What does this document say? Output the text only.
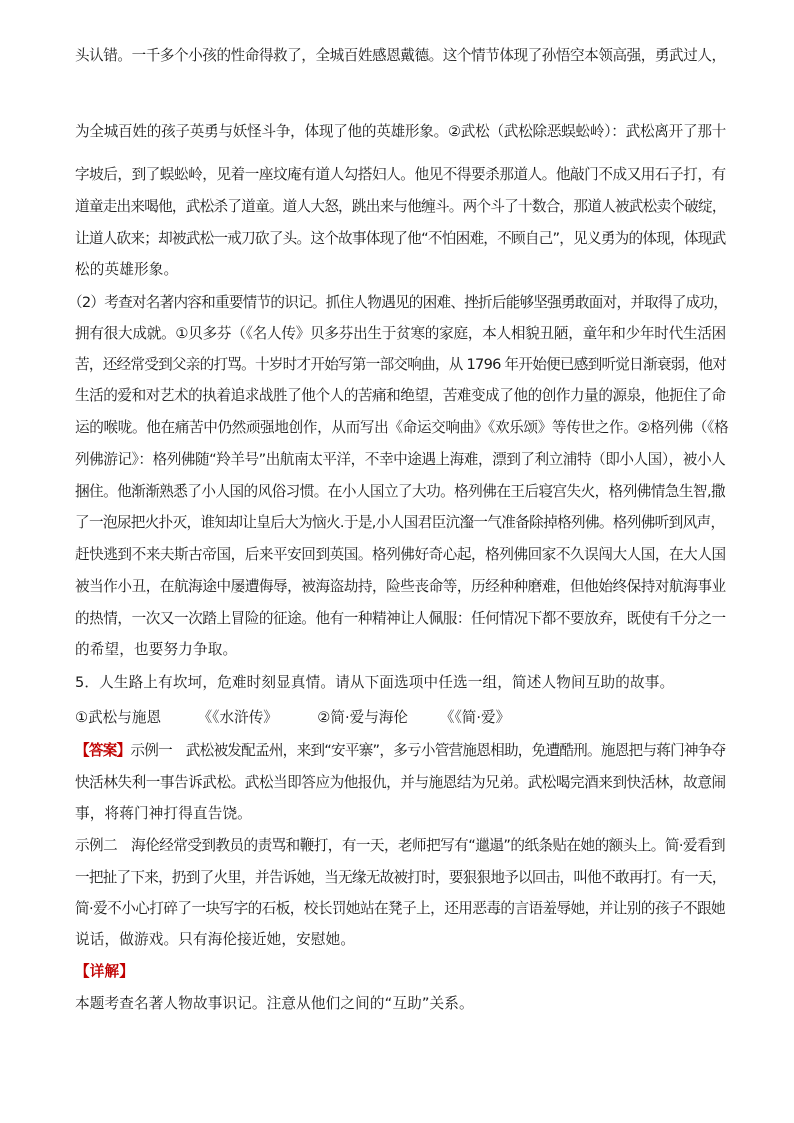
头认错。一千多个小孩的性命得救了，全城百姓感恩戴德。这个情节体现了孙悟空本领高强，勇武过人，
为全城百姓的孩子英勇与妖怪斗争，体现了他的英雄形象。②武松（武松除恶蜈蚣岭）：武松离开了那十
字坡后，到了蜈蚣岭，见着一座坟庵有道人勾搭妇人。他见不得要杀那道人。他敲门不成又用石子打，有
道童走出来喝他，武松杀了道童。道人大怒，跳出来与他缠斗。两个斗了十数合，那道人被武松卖个破绽，
让道人砍来；却被武松一戒刀砍了头。这个故事体现了他“不怕困难，不顾自己”，见义勇为的体现，体现武
松的英雄形象。
（2）考查对名著内容和重要情节的识记。抓住人物遇见的困难、挫折后能够坚强勇敢面对，并取得了成功，
拥有很大成就。①贝多芬（《名人传》贝多芬出生于贫寒的家庭，本人相貌丑陋，童年和少年时代生活困
苦，还经常受到父亲的打骂。十岁时才开始写第一部交响曲，从 1796 年开始便已感到听觉日渐衰弱，他对
生活的爱和对艺术的执着追求战胜了他个人的苦痛和绝望，苦难变成了他的创作力量的源泉，他扼住了命
运的喉咙。他在痛苦中仍然顽强地创作，从而写出《命运交响曲》《欢乐颂》等传世之作。②格列佛（《格
列佛游记》：格列佛随“羚羊号”出航南太平洋，不幸中途遇上海难，漂到了利立浦特（即小人国），被小人
捆住。他渐渐熟悉了小人国的风俗习惯。在小人国立了大功。格列佛在王后寝宫失火，格列佛情急生智,撒
了一泡尿把火扑灭，谁知却让皇后大为恼火.于是,小人国君臣沆瀣一气准备除掉格列佛。格列佛听到风声，
赶快逃到不来夫斯古帝国，后来平安回到英国。格列佛好奇心起，格列佛回家不久误闯大人国，在大人国
被当作小丑，在航海途中屡遭侮辱，被海盗劫持，险些丧命等，历经种种磨难，但他始终保持对航海事业
的热情，一次又一次踏上冒险的征途。他有一种精神让人佩服：任何情况下都不要放弃，既使有千分之一
的希望，也要努力争取。
5．人生路上有坎坷，危难时刻显真情。请从下面选项中任选一组，简述人物间互助的故事。
①武松与施恩	《《水浒传》	②简·爱与海伦 《《简·爱》
【答案】示例一　武松被发配孟州，来到“安平寨”，多亏小管营施恩相助，免遭酷刑。施恩把与蒋门神争夺
快活林失利一事告诉武松。武松当即答应为他报仇，并与施恩结为兄弟。武松喝完酒来到快活林，故意闹
事，将蒋门神打得直告饶。
示例二　海伦经常受到教员的责骂和鞭打，有一天，老师把写有“邋遢”的纸条贴在她的额头上。简·爱看到
一把扯了下来，扔到了火里，并告诉她，当无缘无故被打时，要狠狠地予以回击，叫他不敢再打。有一天，
简·爱不小心打碎了一块写字的石板，校长罚她站在凳子上，还用恶毒的言语羞辱她，并让别的孩子不跟她
说话，做游戏。只有海伦接近她，安慰她。
【详解】
本题考查名著人物故事识记。注意从他们之间的“互助”关系。
